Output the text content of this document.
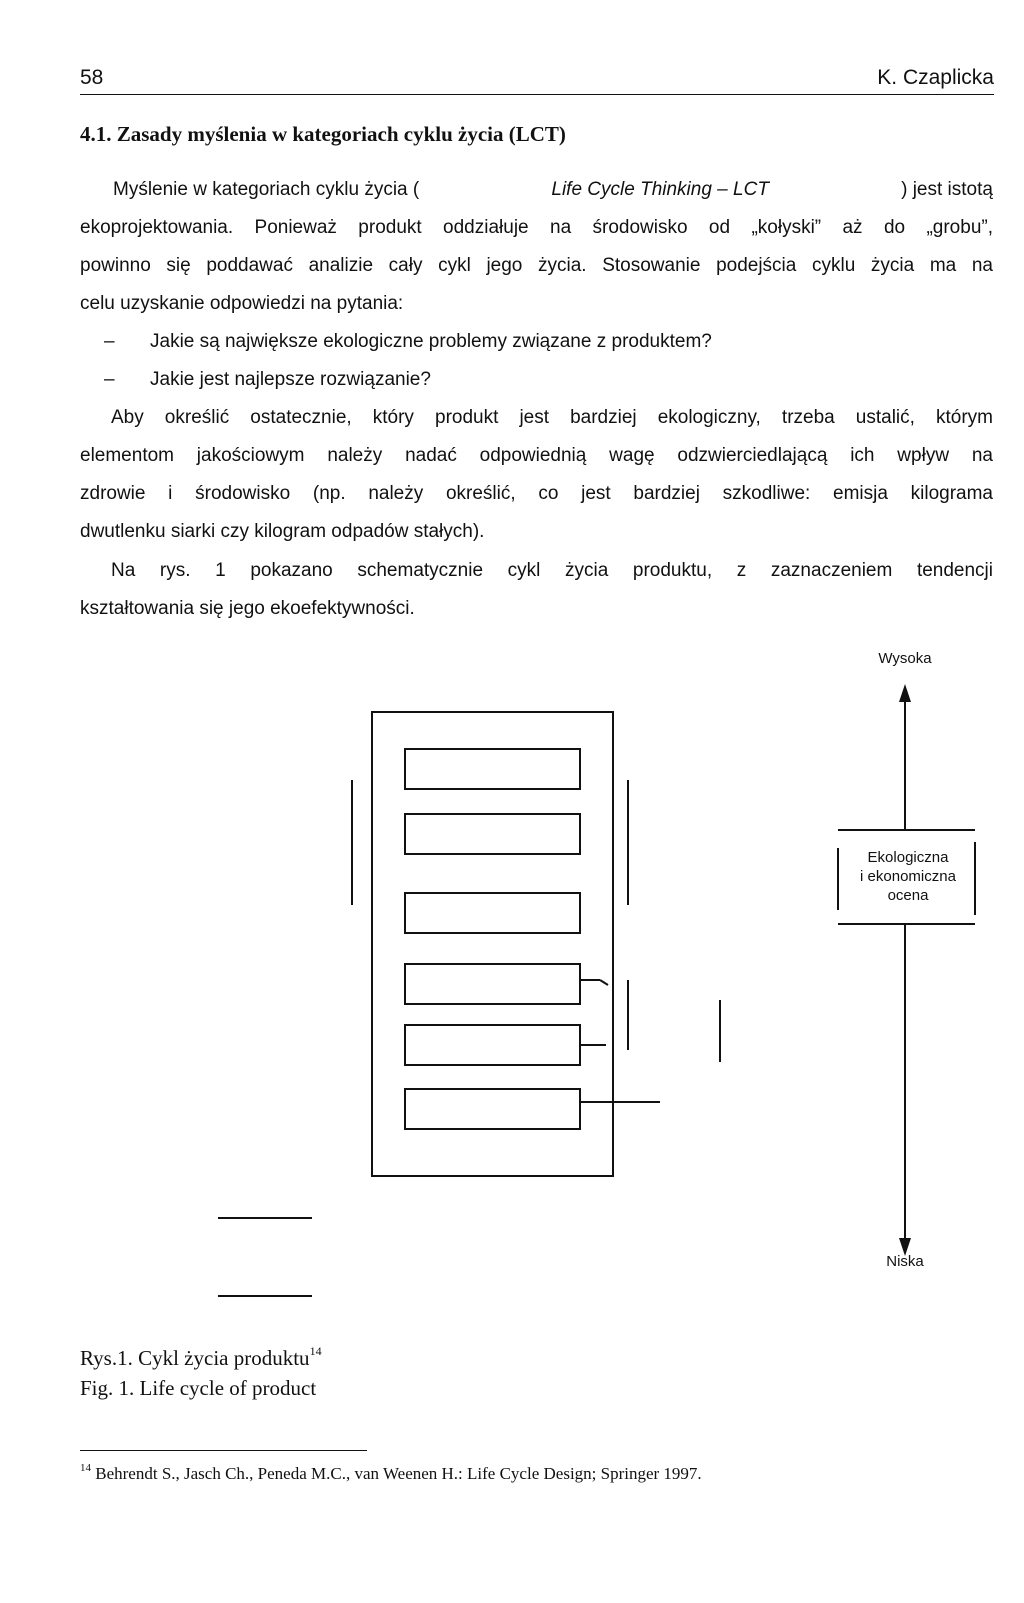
58	K. Czaplicka
4.1. Zasady myślenia w kategoriach cyklu życia (LCT)
Myślenie w kategoriach cyklu życia (	Life Cycle Thinking – LCT	) jest istotą
ekoprojektowania. Ponieważ produkt oddziałuje na środowisko od „kołyski” aż do „grobu”,
powinno się poddawać analizie cały cykl jego życia. Stosowanie podejścia cyklu życia ma na
celu uzyskanie odpowiedzi na pytania:
– Jakie są największe ekologiczne problemy związane z produktem?
– Jakie jest najlepsze rozwiązanie?
Aby określić ostatecznie, który produkt jest bardziej ekologiczny, trzeba ustalić, którym
elementom jakościowym należy nadać odpowiednią wagę odzwierciedlającą ich wpływ na
zdrowie i środowisko (np. należy określić, co jest bardziej szkodliwe: emisja kilograma
dwutlenku siarki czy kilogram odpadów stałych).
Na rys. 1 pokazano schematycznie cykl życia produktu, z zaznaczeniem tendencji
kształtowania się jego ekoefektywności.
Wysoka
Ekologiczna
i ekonomiczna
ocena
Niska
Rys.1. Cykl życia produktu$^{14}$
Fig. 1. Life cycle of product
$^{14}$ Behrendt S., Jasch Ch., Peneda M.C., van Weenen H.: Life Cycle Design; Springer 1997.
